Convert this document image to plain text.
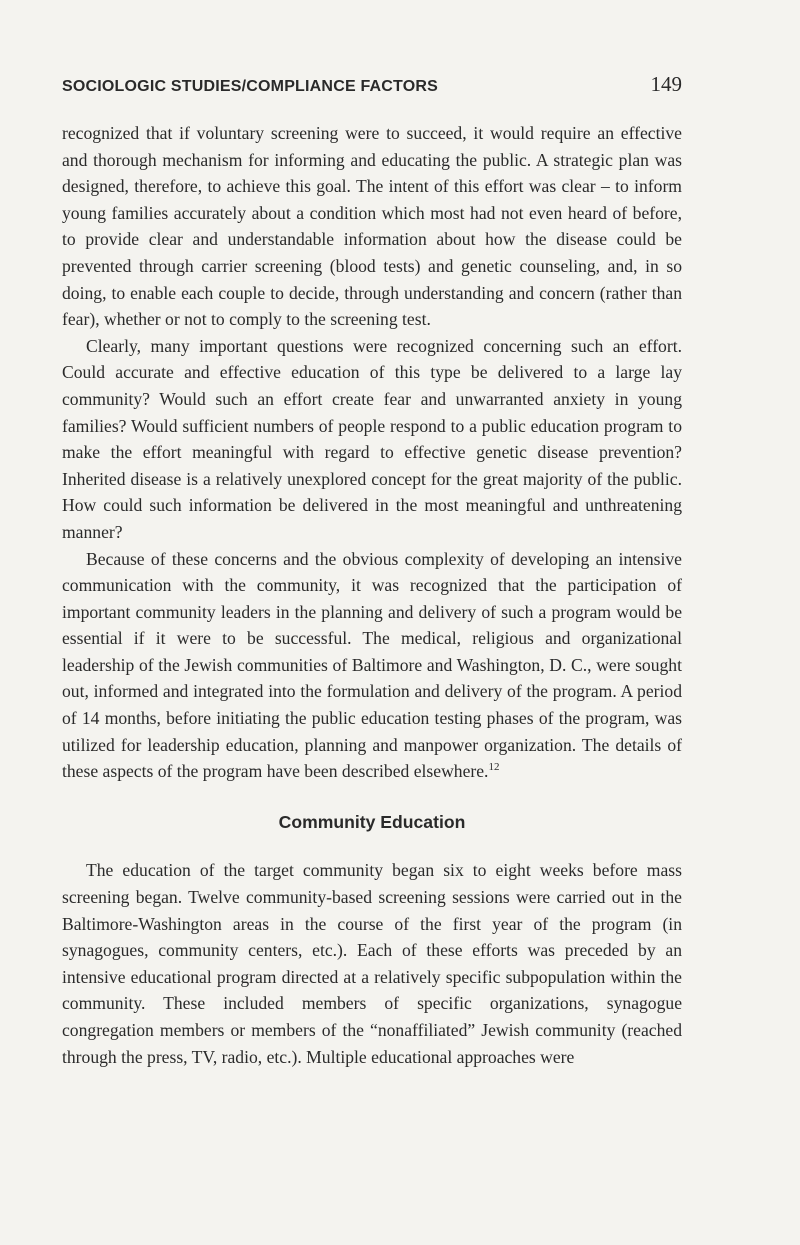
SOCIOLOGIC STUDIES/COMPLIANCE FACTORS	149

recognized that if voluntary screening were to succeed, it would require an effective and thorough mechanism for informing and educating the public. A strategic plan was designed, therefore, to achieve this goal. The intent of this effort was clear – to inform young families accurately about a condition which most had not even heard of before, to provide clear and understandable information about how the disease could be prevented through carrier screening (blood tests) and genetic counseling, and, in so doing, to enable each couple to decide, through understanding and concern (rather than fear), whether or not to comply to the screening test.

Clearly, many important questions were recognized concerning such an effort. Could accurate and effective education of this type be delivered to a large lay community? Would such an effort create fear and unwarranted anxiety in young families? Would sufficient numbers of people respond to a public education program to make the effort meaningful with regard to effective genetic disease prevention? Inherited disease is a relatively unexplored concept for the great majority of the public. How could such information be delivered in the most meaningful and unthreatening manner?

Because of these concerns and the obvious complexity of developing an intensive communication with the community, it was recognized that the participation of important community leaders in the planning and delivery of such a program would be essential if it were to be successful. The medical, religious and organizational leadership of the Jewish communities of Baltimore and Washington, D. C., were sought out, informed and integrated into the formulation and delivery of the program. A period of 14 months, before initiating the public education testing phases of the program, was utilized for leadership education, planning and manpower organization. The details of these aspects of the program have been described elsewhere.$^{12}$

Community Education

The education of the target community began six to eight weeks before mass screening began. Twelve community-based screening sessions were carried out in the Baltimore-Washington areas in the course of the first year of the program (in synagogues, community centers, etc.). Each of these efforts was preceded by an intensive educational program directed at a relatively specific subpopulation within the community. These included members of specific organizations, synagogue congregation members or members of the “nonaffiliated” Jewish community (reached through the press, TV, radio, etc.). Multiple educational approaches were
